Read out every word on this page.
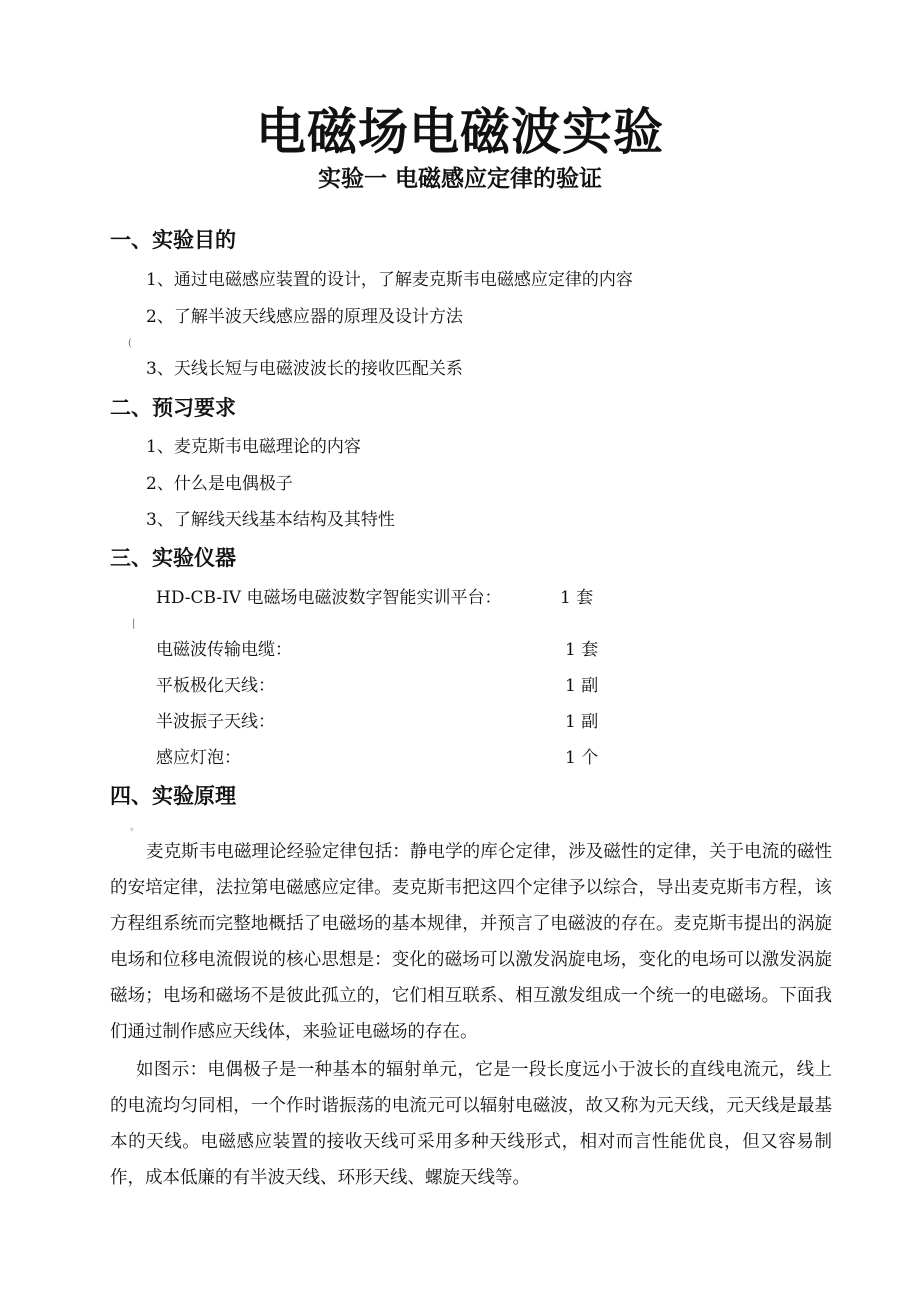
电磁场电磁波实验
实验一 电磁感应定律的验证
一、实验目的
1、通过电磁感应装置的设计，了解麦克斯韦电磁感应定律的内容
2、了解半波天线感应器的原理及设计方法
(
3、天线长短与电磁波波长的接收匹配关系
二、预习要求
1、麦克斯韦电磁理论的内容
2、什么是电偶极子
3、了解线天线基本结构及其特性
三、实验仪器
HD-CB-IV 电磁场电磁波数字智能实训平台：	1 套
|
电磁波传输电缆：	1 套
平板极化天线：	1 副
半波振子天线：	1 副
感应灯泡：	1 个
四、实验原理
。

麦克斯韦电磁理论经验定律包括：静电学的库仑定律，涉及磁性的定律，关于电流的磁性的安培定律，法拉第电磁感应定律。麦克斯韦把这四个定律予以综合，导出麦克斯韦方程，该方程组系统而完整地概括了电磁场的基本规律，并预言了电磁波的存在。麦克斯韦提出的涡旋电场和位移电流假说的核心思想是：变化的磁场可以激发涡旋电场，变化的电场可以激发涡旋磁场；电场和磁场不是彼此孤立的，它们相互联系、相互激发组成一个统一的电磁场。下面我们通过制作感应天线体，来验证电磁场的存在。

如图示：电偶极子是一种基本的辐射单元，它是一段长度远小于波长的直线电流元，线上的电流均匀同相，一个作时谐振荡的电流元可以辐射电磁波，故又称为元天线，元天线是最基本的天线。电磁感应装置的接收天线可采用多种天线形式，相对而言性能优良，但又容易制作，成本低廉的有半波天线、环形天线、螺旋天线等。
